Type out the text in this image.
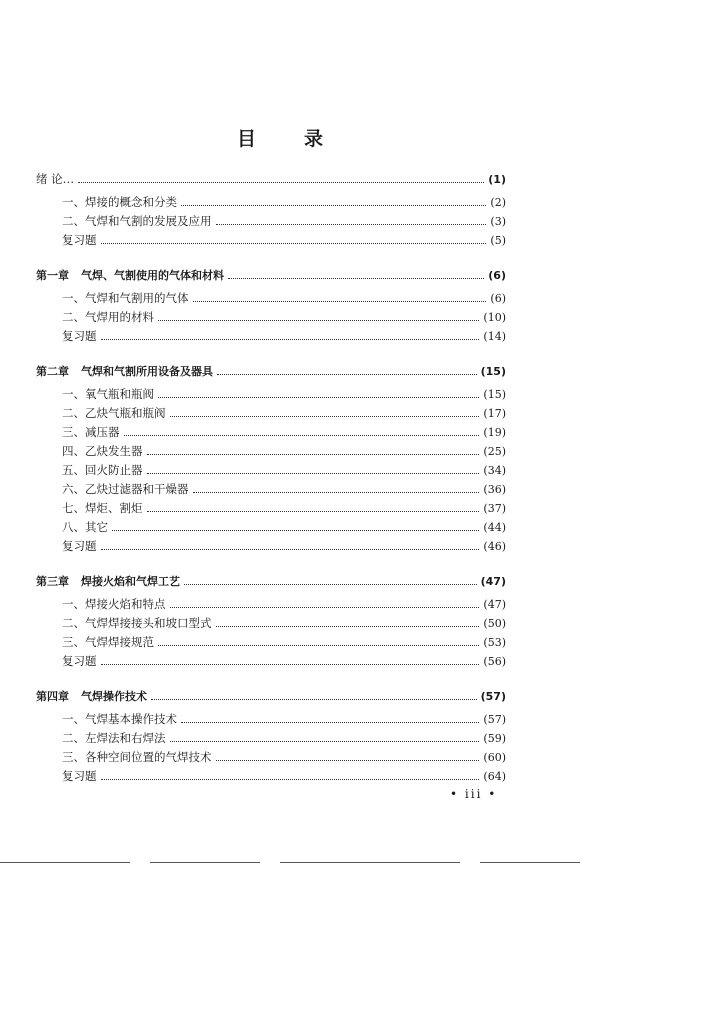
目	录
绪 论…	(1)
一、焊接的概念和分类	(2)
二、气焊和气割的发展及应用	(3)
复习题	(5)
第一章 气焊、气割使用的气体和材料	(6)
一、气焊和气割用的气体	(6)
二、气焊用的材料	(10)
复习题	(14)
第二章 气焊和气割所用设备及器具	(15)
一、氧气瓶和瓶阀	(15)
二、乙炔气瓶和瓶阀	(17)
三、减压器	(19)
四、乙炔发生器	(25)
五、回火防止器	(34)
六、乙炔过滤器和干燥器	(36)
七、焊炬、割炬	(37)
八、其它	(44)
复习题	(46)
第三章 焊接火焰和气焊工艺	(47)
一、焊接火焰和特点	(47)
二、气焊焊接接头和坡口型式	(50)
三、气焊焊接规范	(53)
复习题	(56)
第四章 气焊操作技术	(57)
一、气焊基本操作技术	(57)
二、左焊法和右焊法	(59)
三、各种空间位置的气焊技术	(60)
复习题	(64)
• iii •
